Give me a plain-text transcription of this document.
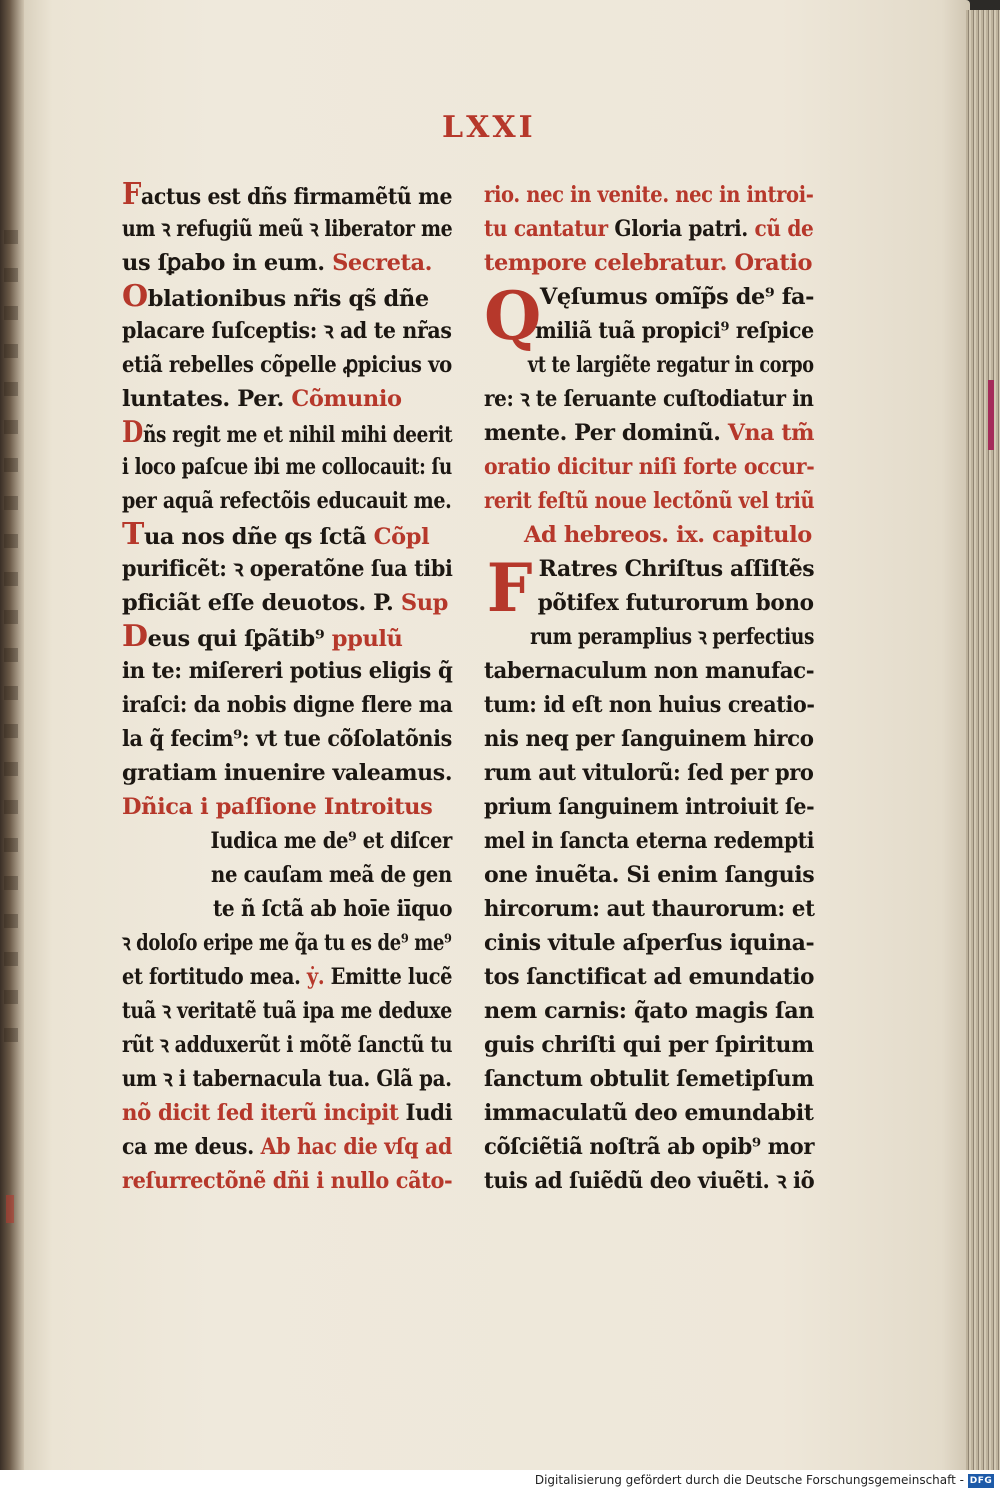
LXXI
Factus est dñs firmamẽtũ me
um ꝛ refugiũ meũ ꝛ liberator me
us ſꝑabo in eum. Secreta.
Oblationibus nr̃is qs̃ dñe
placare ſuſceptis: ꝛ ad te nr̃as
etiã rebelles cõpelle ꝓpicius vo
luntates. Per. Cõmunio
Dñs regit me et nihil mihi deerit
i loco paſcue ibi me collocauit: ſu
per aquã refectõis educauit me.
Tua nos dñe qs ſctã Cõpl
purificẽt: ꝛ operatõne ſua tibi
pficiãt eſſe deuotos. P. Sup
Deus qui ſꝑãtib⁹ ppulũ
in te: miſereri potius eligis q̃
iraſci: da nobis digne flere ma
la q̃ fecim⁹: vt tue cõſolatõnis
gratiam inuenire valeamus.
Dñica i paſſione Introitus
Iudica me de⁹ et diſcer
ne cauſam meã de gen
te ñ ſctã ab hoīe iīquo
ꝛ doloſo eripe me q̃a tu es de⁹ me⁹
et fortitudo mea. ẏ. Emitte lucẽ
tuã ꝛ veritatẽ tuã ipa me deduxe
rũt ꝛ adduxerũt i mõtẽ ſanctũ tu
um ꝛ i tabernacula tua. Glã pa.
nõ dicit ſed iterũ incipit Iudi
ca me deus. Ab hac die vſq̧ ad
reſurrectõnẽ dñi i nullo cãto-
rio. nec in venite. nec in introi-
tu cantatur Gloria patri. cũ de
tempore celebratur. Oratio
Q
Vęſumus omĩp̃s de⁹ fa-
miliã tuã propici⁹ reſpice
vt te largiẽte regatur in corpo
re: ꝛ te ſeruante cuſtodiatur in
mente. Per dominũ. Vna tm̃
oratio dicitur niſi forte occur-
rerit feſtũ noue lectõnũ vel triũ
Ad hebreos. ix. capitulo
F Ratres Chriſtus aſſiſtẽs
põtifex futurorum bono
rum peramplius ꝛ perfectius
tabernaculum non manufac-
tum: id eſt non huius creatio-
nis neq̧ per ſanguinem hirco
rum aut vitulorũ: ſed per pro
prium ſanguinem introiuit ſe-
mel in ſancta eterna redempti
one inuẽta. Si enim ſanguis
hircorum: aut thaurorum: et
cinis vitule aſperſus iquina-
tos ſanctificat ad emundatio
nem carnis: q̃ato magis ſan
guis chriſti qui per ſpiritum
ſanctum obtulit ſemetipſum
immaculatũ deo emundabit
cõſciẽtiã noſtrã ab opib⁹ mor
tuis ad ſuiẽdũ deo viuẽti. ꝛ iõ
Digitalisierung gefördert durch die Deutsche Forschungsgemeinschaft - DFG
